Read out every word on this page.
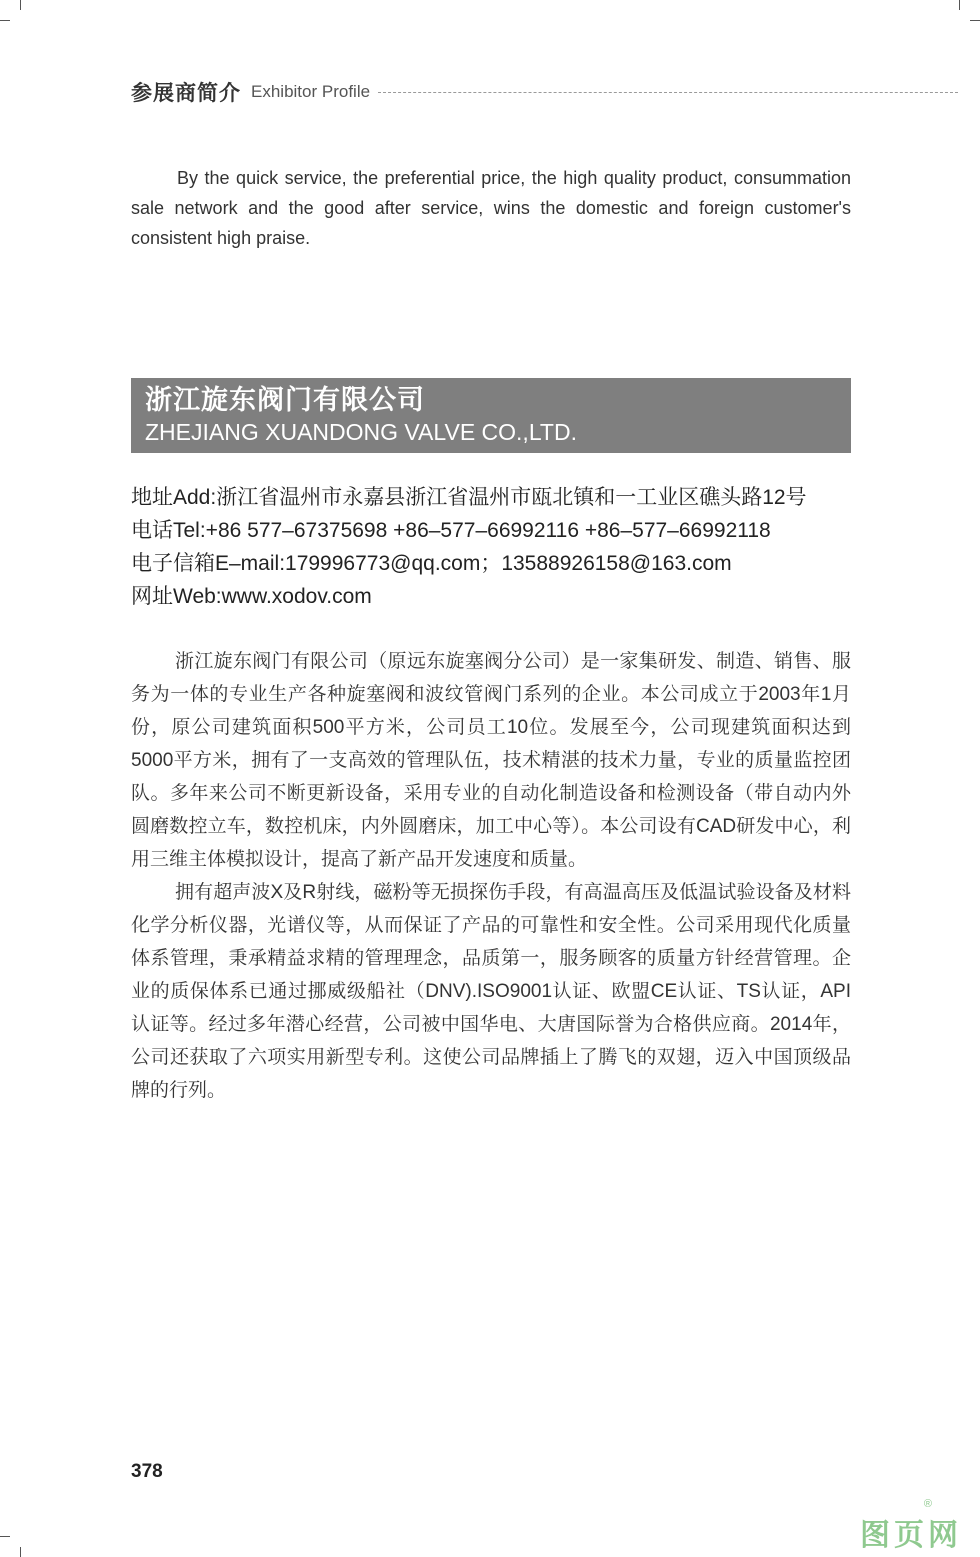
参展商简介 Exhibitor Profile

By the quick service, the preferential price, the high quality product, consummation sale network and the good after service, wins the domestic and foreign customer's consistent high praise.

浙江旋东阀门有限公司
ZHEJIANG XUANDONG VALVE CO.,LTD.
地址Add:浙江省温州市永嘉县浙江省温州市瓯北镇和一工业区礁头路12号
电话Tel:+86 577–67375698 +86–577–66992116 +86–577–66992118
电子信箱E–mail:179996773@qq.com；13588926158@163.com
网址Web:www.xodov.com

浙江旋东阀门有限公司（原远东旋塞阀分公司）是一家集研发、制造、销售、服务为一体的专业生产各种旋塞阀和波纹管阀门系列的企业。本公司成立于2003年1月份，原公司建筑面积500平方米，公司员工10位。发展至今，公司现建筑面积达到5000平方米，拥有了一支高效的管理队伍，技术精湛的技术力量，专业的质量监控团队。多年来公司不断更新设备，采用专业的自动化制造设备和检测设备（带自动内外圆磨数控立车，数控机床，内外圆磨床，加工中心等）。本公司设有CAD研发中心，利用三维主体模拟设计，提高了新产品开发速度和质量。

拥有超声波X及R射线，磁粉等无损探伤手段，有高温高压及低温试验设备及材料化学分析仪器，光谱仪等，从而保证了产品的可靠性和安全性。公司采用现代化质量体系管理，秉承精益求精的管理理念，品质第一，服务顾客的质量方针经营管理。企业的质保体系已通过挪威级船社（DNV).ISO9001认证、欧盟CE认证、TS认证，API认证等。经过多年潜心经营，公司被中国华电、大唐国际誉为合格供应商。2014年，公司还获取了六项实用新型专利。这使公司品牌插上了腾飞的双翅，迈入中国顶级品牌的行列。

378
图页网
®
